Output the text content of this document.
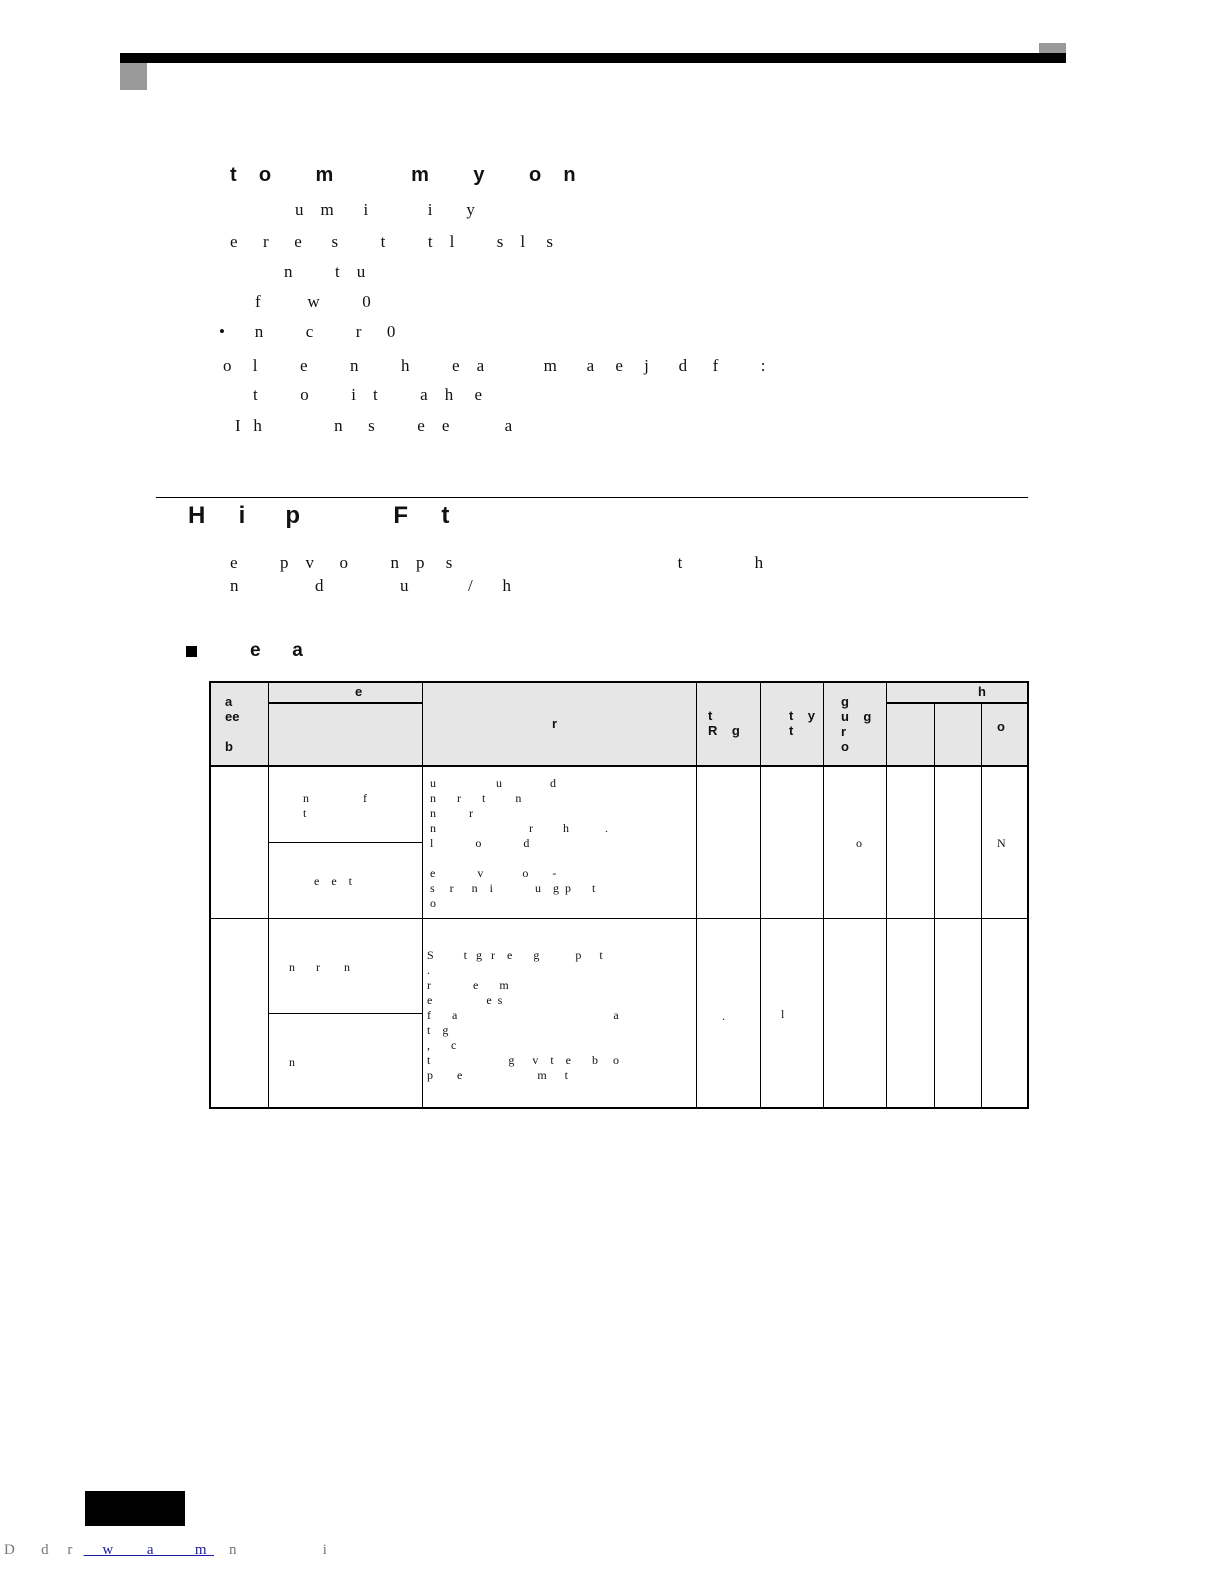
t    o        m              m        y        o    n
u    m       i              i        y
e      r      e       s          t          t    l          s    l     s
n          t    u
f           w          0
•       n          c          r      0
o     l          e          n          h          e    a              m       a     e     j       d      f          :
t          o          i    t          a    h     e
I   h                 n      s          e    e             a
H     i      p              F     t
e          p    v      o          n    p     s                                                     t                 h
n                  d                  u              /       h
e      a
a
ee

b
e
r
t
R    g
t    y
t
g
u    g
r
o
h
o
n                  f
t
e    e    t
u                    u                d
n       r       t          n
n           r
n                               r          h            .
l              o              d

e              v             o        -
s     r      n    i              u    g  p       t
o
o	N
n       r        n
n
S          t   g   r    e       g            p      t
.
r              e       m
e                  e  s
f       a                                                    a
t    g
,       c
t                          g      v    t    e       b     o
p        e                         m      t
.	l
D       d     r        w         a           m      n                       i
